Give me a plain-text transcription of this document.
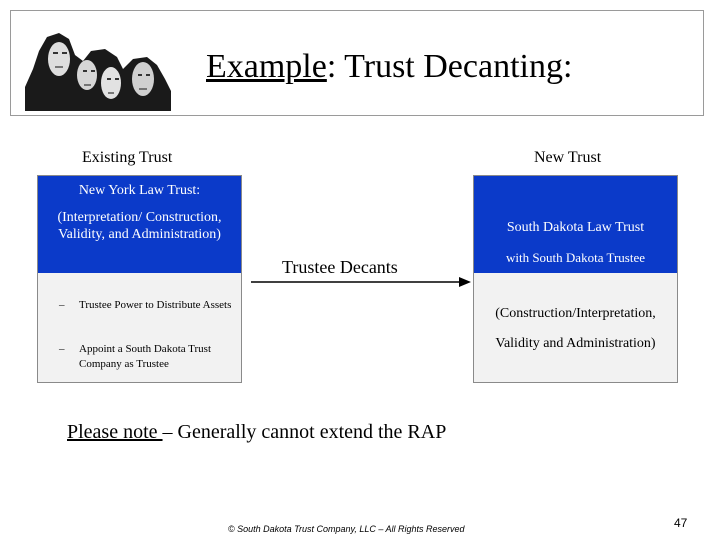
Example: Trust Decanting:
Existing Trust	New Trust
New York Law Trust:
(Interpretation/ Construction, Validity, and Administration)
– Trustee Power to Distribute Assets
– Appoint a South Dakota Trust Company as Trustee
Trustee Decants
South Dakota Law Trust
with South Dakota Trustee
(Construction/Interpretation,
Validity and Administration)
Please note – Generally cannot extend the RAP
© South Dakota Trust Company, LLC – All Rights Reserved	47
